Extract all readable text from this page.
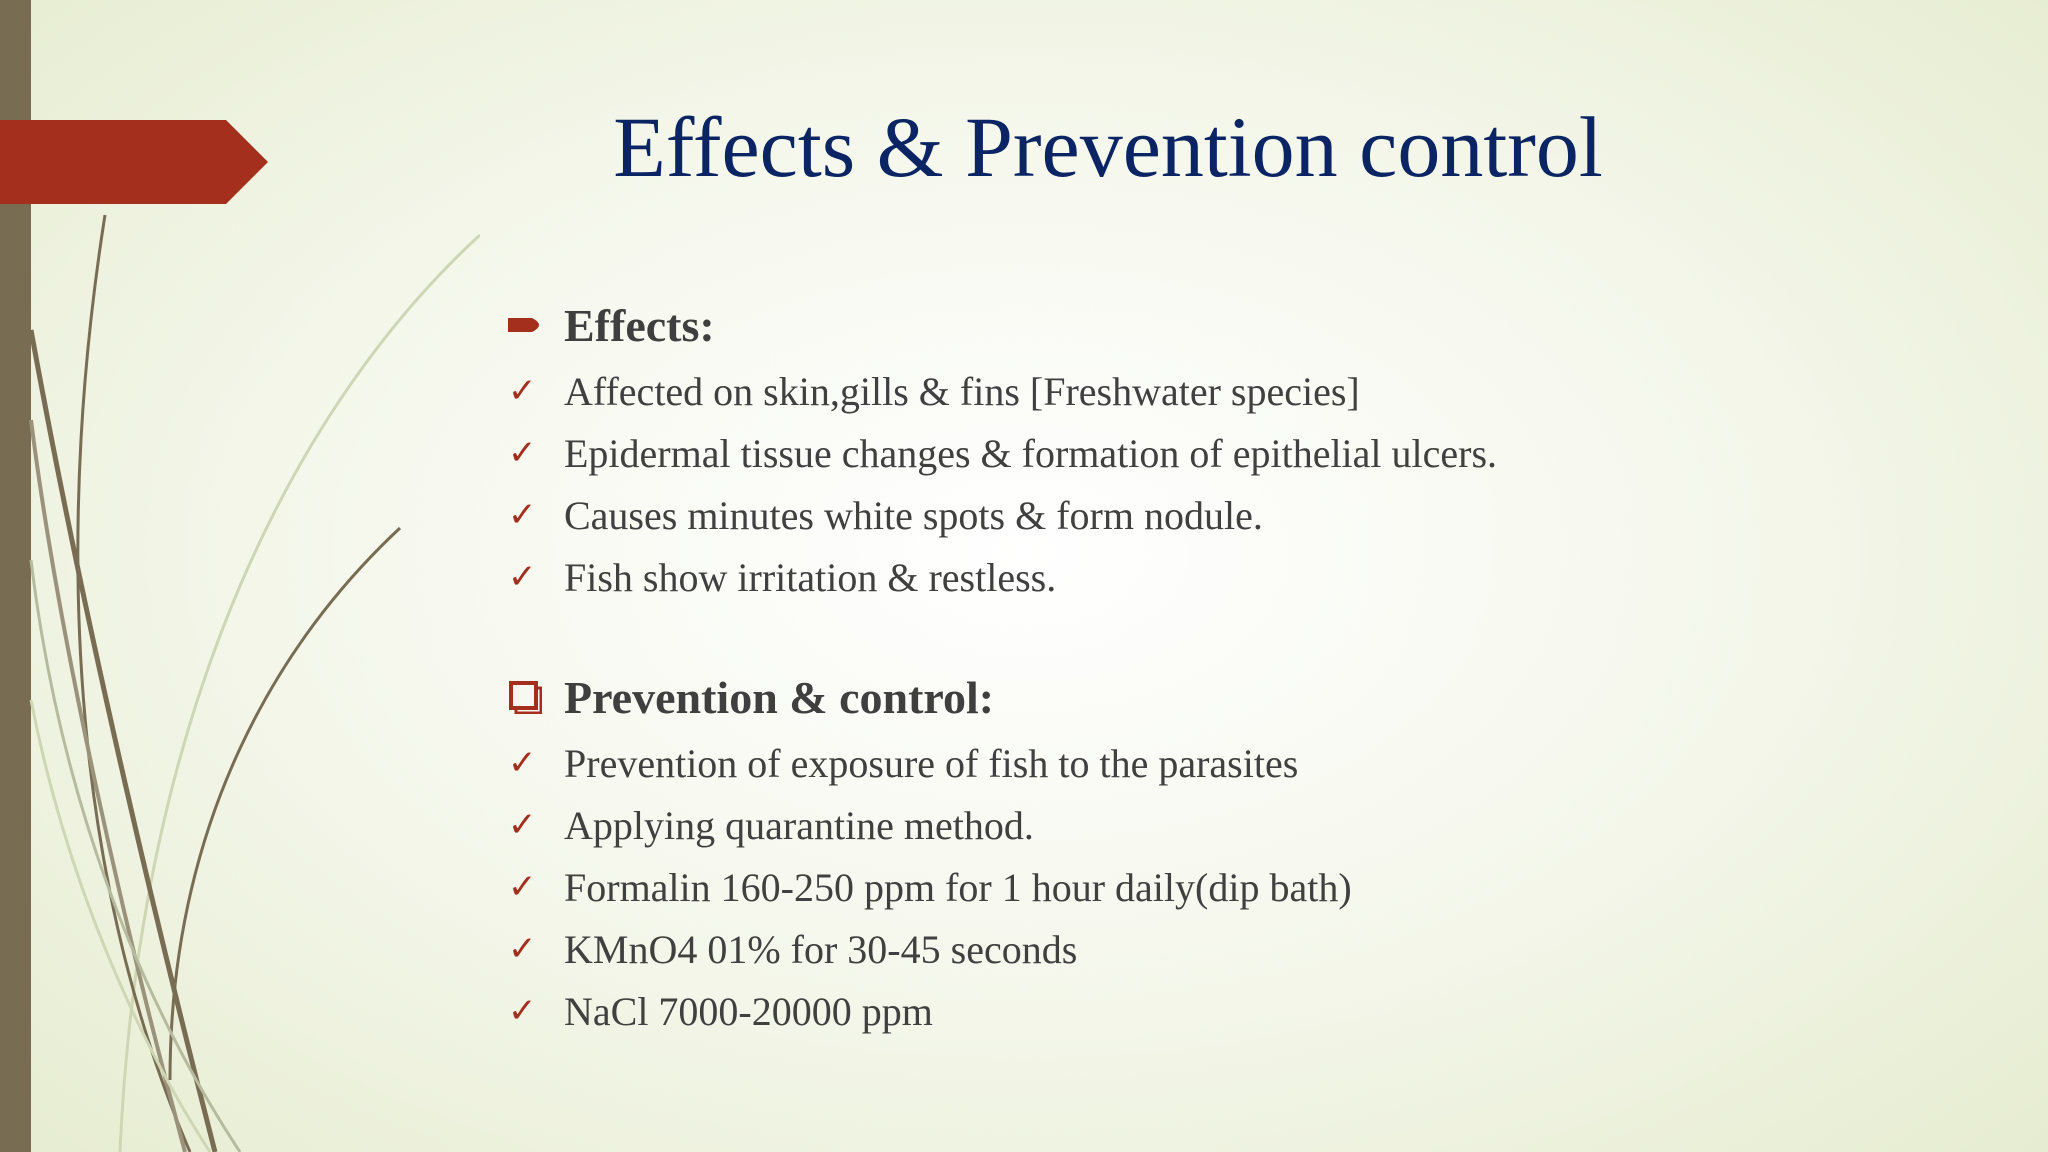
Effects & Prevention control
Effects:
✓ Affected on skin,gills & fins [Freshwater species]
✓ Epidermal tissue changes & formation of epithelial ulcers.
✓ Causes minutes white spots & form nodule.
✓ Fish show irritation & restless.
Prevention & control:
✓ Prevention of exposure of fish to the parasites
✓ Applying quarantine method.
✓ Formalin 160-250 ppm for 1 hour daily(dip bath)
✓ KMnO4 01% for 30-45 seconds
✓ NaCl 7000-20000 ppm
